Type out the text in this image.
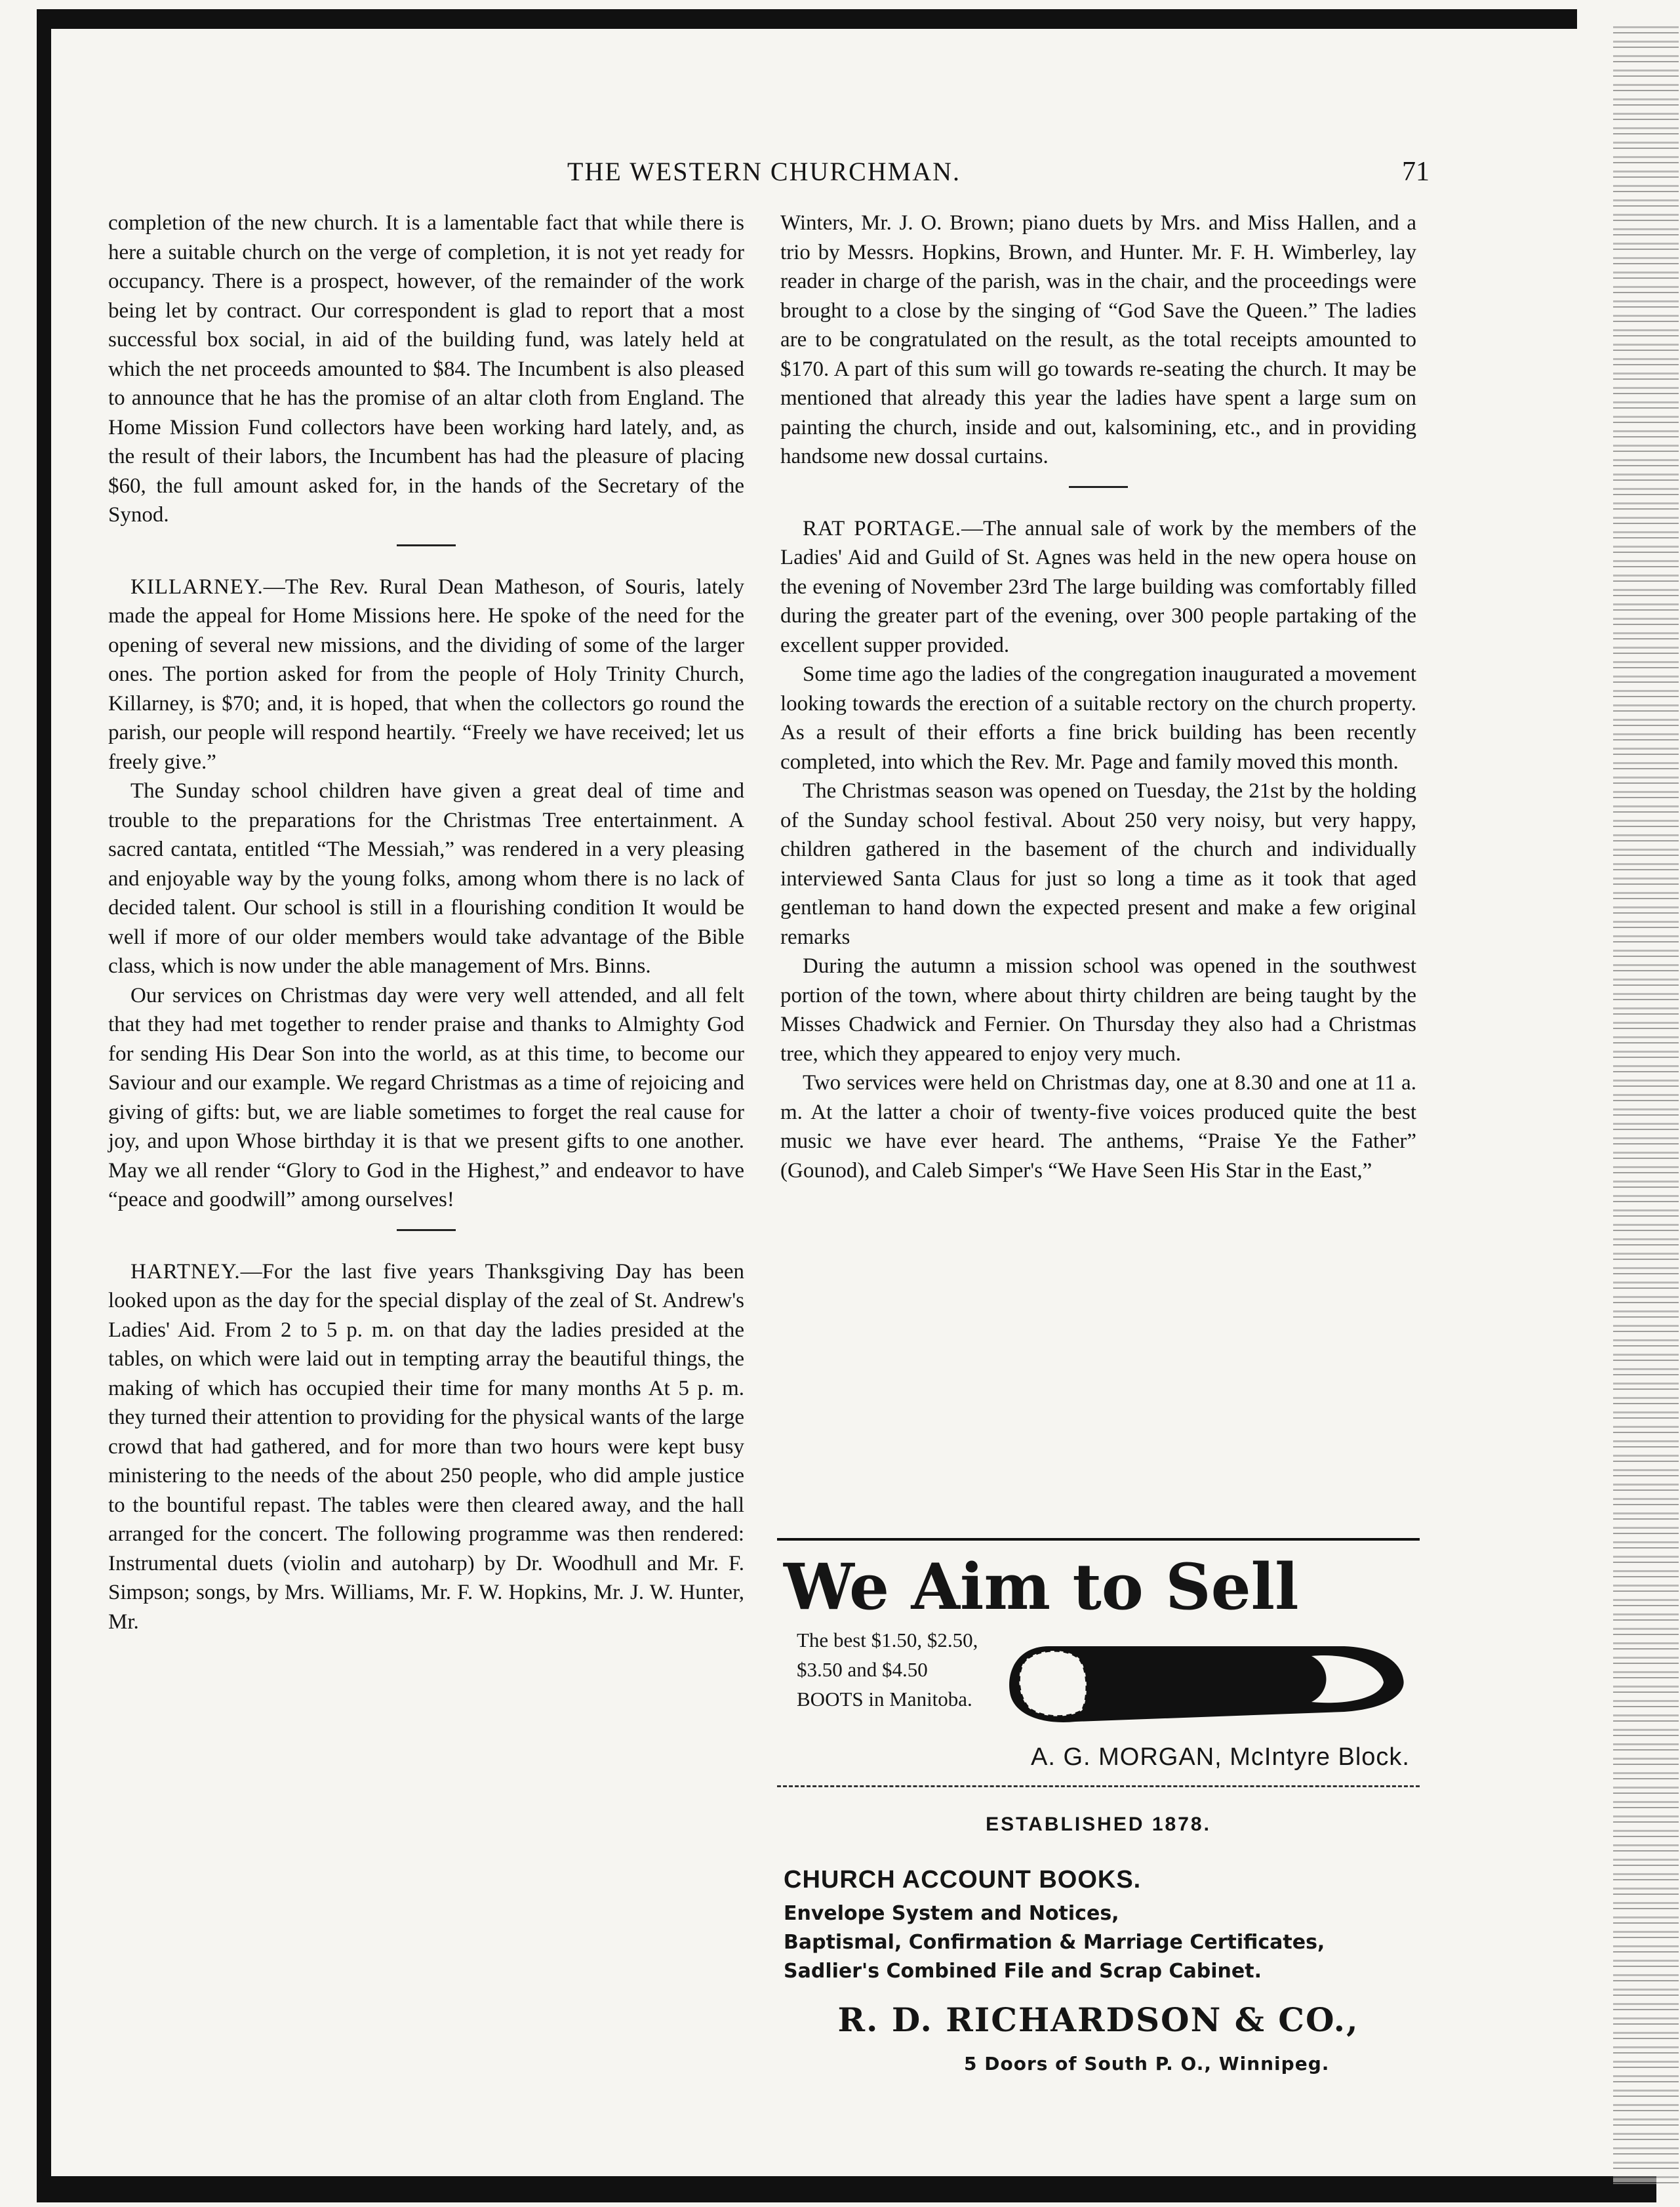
THE WESTERN CHURCHMAN.	71

completion of the new church. It is a lamentable fact that while there is here a suitable church on the verge of completion, it is not yet ready for occupancy. There is a prospect, however, of the remainder of the work being let by contract. Our correspondent is glad to report that a most successful box social, in aid of the building fund, was lately held at which the net proceeds amounted to $84. The Incumbent is also pleased to announce that he has the promise of an altar cloth from England. The Home Mission Fund collectors have been working hard lately, and, as the result of their labors, the Incumbent has had the pleasure of placing $60, the full amount asked for, in the hands of the Secretary of the Synod.

KILLARNEY.—The Rev. Rural Dean Matheson, of Souris, lately made the appeal for Home Missions here. He spoke of the need for the opening of several new missions, and the dividing of some of the larger ones. The portion asked for from the people of Holy Trinity Church, Killarney, is $70; and, it is hoped, that when the collectors go round the parish, our people will respond heartily. “Freely we have received; let us freely give.”

The Sunday school children have given a great deal of time and trouble to the preparations for the Christmas Tree entertainment. A sacred cantata, entitled “The Messiah,” was rendered in a very pleasing and enjoyable way by the young folks, among whom there is no lack of decided talent. Our school is still in a flourishing condition It would be well if more of our older members would take advantage of the Bible class, which is now under the able management of Mrs. Binns.

Our services on Christmas day were very well attended, and all felt that they had met together to render praise and thanks to Almighty God for sending His Dear Son into the world, as at this time, to become our Saviour and our example. We regard Christmas as a time of rejoicing and giving of gifts: but, we are liable sometimes to forget the real cause for joy, and upon Whose birthday it is that we present gifts to one another. May we all render “Glory to God in the Highest,” and endeavor to have “peace and goodwill” among ourselves!

HARTNEY.—For the last five years Thanksgiving Day has been looked upon as the day for the special display of the zeal of St. Andrew's Ladies' Aid. From 2 to 5 p. m. on that day the ladies presided at the tables, on which were laid out in tempting array the beautiful things, the making of which has occupied their time for many months At 5 p. m. they turned their attention to providing for the physical wants of the large crowd that had gathered, and for more than two hours were kept busy ministering to the needs of the about 250 people, who did ample justice to the bountiful repast. The tables were then cleared away, and the hall arranged for the concert. The following programme was then rendered: Instrumental duets (violin and autoharp) by Dr. Woodhull and Mr. F. Simpson; songs, by Mrs. Williams, Mr. F. W. Hopkins, Mr. J. W. Hunter, Mr.

Winters, Mr. J. O. Brown; piano duets by Mrs. and Miss Hallen, and a trio by Messrs. Hopkins, Brown, and Hunter. Mr. F. H. Wimberley, lay reader in charge of the parish, was in the chair, and the proceedings were brought to a close by the singing of “God Save the Queen.” The ladies are to be congratulated on the result, as the total receipts amounted to $170. A part of this sum will go towards re-seating the church. It may be mentioned that already this year the ladies have spent a large sum on painting the church, inside and out, kalsomining, etc., and in providing handsome new dossal curtains.

RAT PORTAGE.—The annual sale of work by the members of the Ladies' Aid and Guild of St. Agnes was held in the new opera house on the evening of November 23rd The large building was comfortably filled during the greater part of the evening, over 300 people partaking of the excellent supper provided.

Some time ago the ladies of the congregation inaugurated a movement looking towards the erection of a suitable rectory on the church property. As a result of their efforts a fine brick building has been recently completed, into which the Rev. Mr. Page and family moved this month.

The Christmas season was opened on Tuesday, the 21st by the holding of the Sunday school festival. About 250 very noisy, but very happy, children gathered in the basement of the church and individually interviewed Santa Claus for just so long a time as it took that aged gentleman to hand down the expected present and make a few original remarks

During the autumn a mission school was opened in the southwest portion of the town, where about thirty children are being taught by the Misses Chadwick and Fernier. On Thursday they also had a Christmas tree, which they appeared to enjoy very much.

Two services were held on Christmas day, one at 8.30 and one at 11 a. m. At the latter a choir of twenty-five voices produced quite the best music we have ever heard. The anthems, “Praise Ye the Father” (Gounod), and Caleb Simper's “We Have Seen His Star in the East,”

We Aim to Sell
The best $1.50, $2.50, $3.50 and $4.50 BOOTS in Manitoba.
A. G. MORGAN, McIntyre Block.
ESTABLISHED 1878.
CHURCH ACCOUNT BOOKS.
Envelope System and Notices,
Baptismal, Confirmation & Marriage Certificates,
Sadlier's Combined File and Scrap Cabinet.
R. D. RICHARDSON & CO.,
5 Doors of South P. O., Winnipeg.
